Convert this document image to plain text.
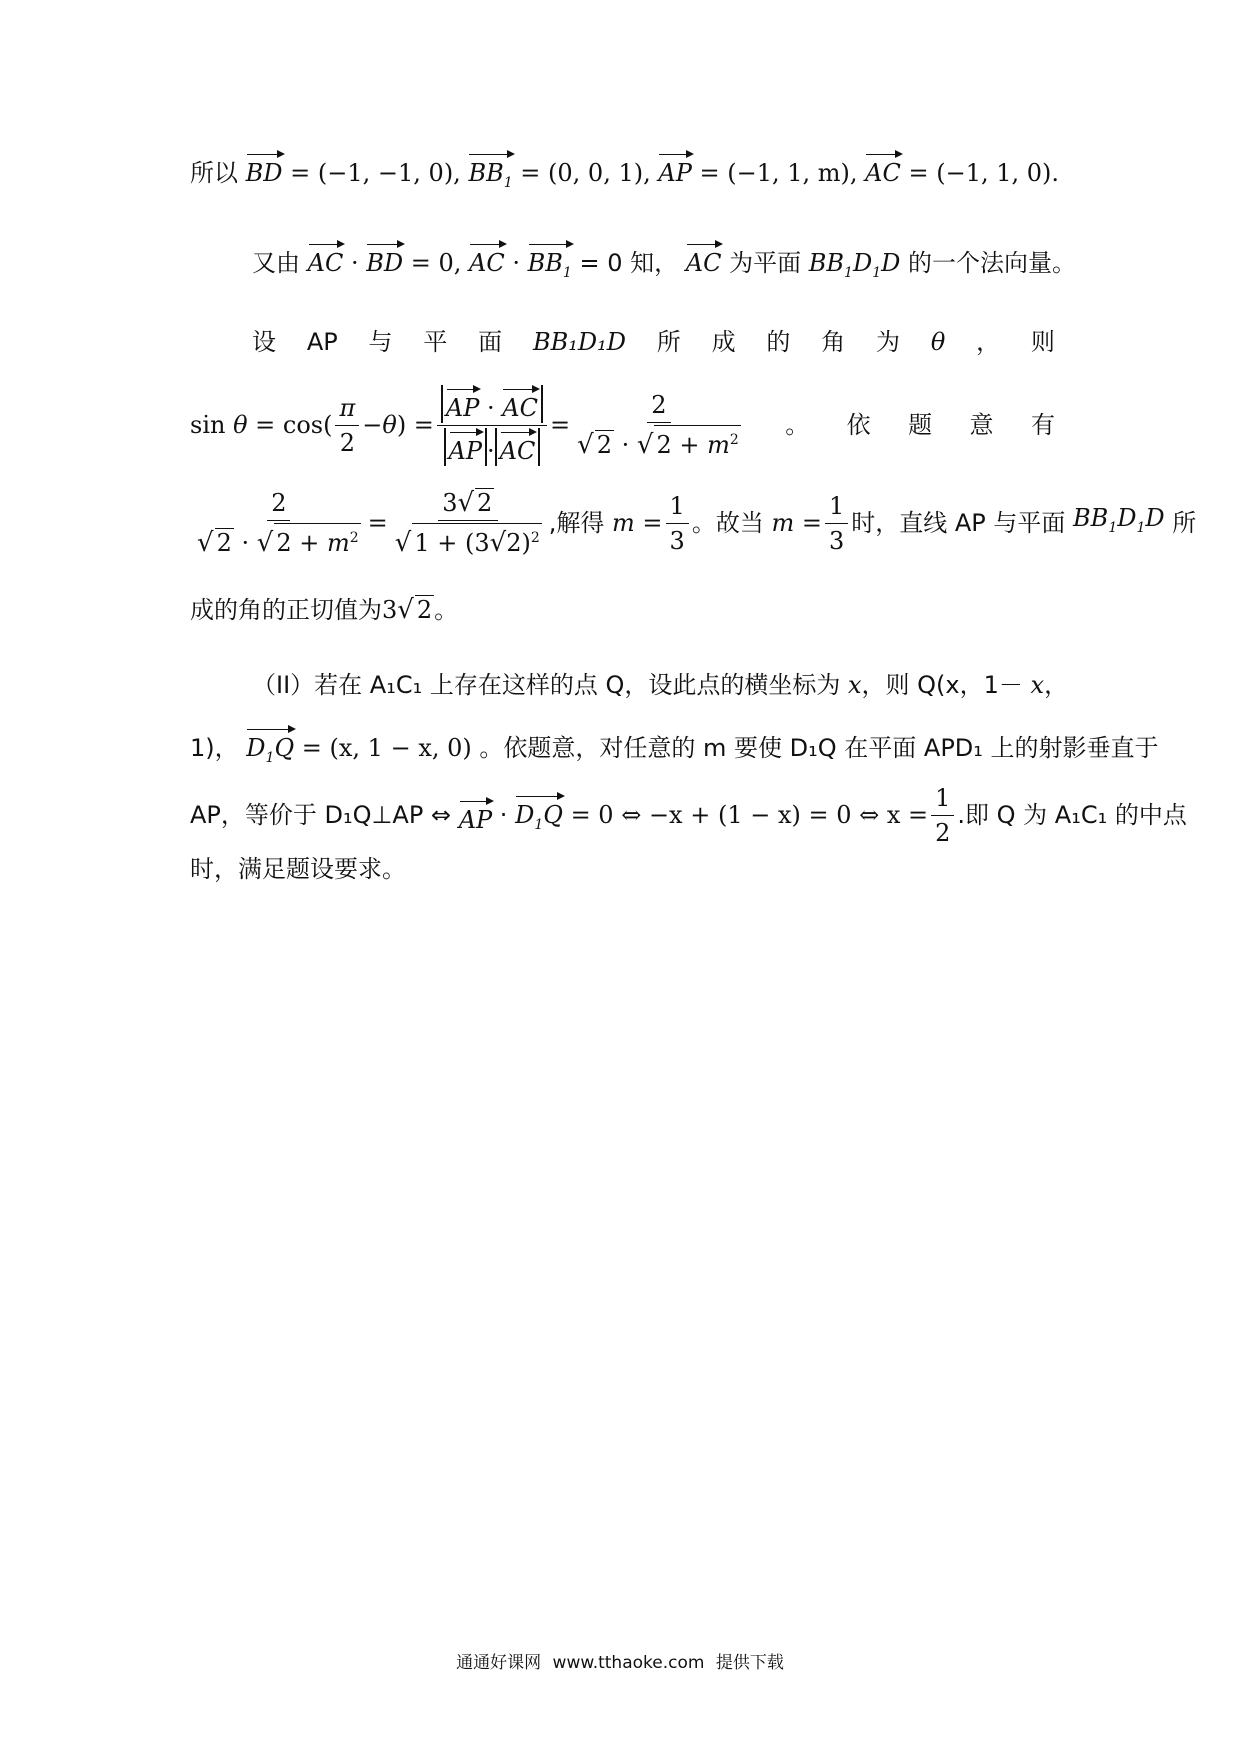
所以 BD = (−1, −1, 0), $BB_1 = (0$, 0, 1), AP = (−1, 1, m), AC = (−1, 1, 0).
又由 AC · BD = 0, AC · $BB_1 = 0$ 知， AC 为平面 $BB_1D_1D$ 的一个法向量。
设 AP 与 平 面 BB₁D₁D 所 成 的 角 为 θ ， 则
$\sin \theta = \cos( \frac{\pi}{2} - \theta$ ) = $\frac{AP \cdot AC}{AP \cdot AC} = \frac{2}{√ 2 \cdot √ 2 + m^2}$ 。 依 题 意 有
$\frac{2}{√ 2 \cdot √ 2 + m^2} = \frac{3√ 2}{√ 1 + (3√2)^2}$ ,解得 $m = \frac{1}{3}$ 。故当 $m = \frac{1}{3}$ 时，直线 AP 与平面 $BB_1D_1D$ 所
成的角的正切值为3√ 2。
（II）若在 A₁C₁ 上存在这样的点 Q，设此点的横坐标为 x ，则 Q(x，1－ x，
1)， $D_1Q = (x$, 1 − x, 0) 。依题意，对任意的 m 要使 D₁Q 在平面 APD₁ 上的射影垂直于
AP，等价于 D₁Q⊥AP ⇔
AP · $D_1Q$
= 0 ⇔ −x + (1 − x) = 0 ⇔ $x = \frac{1}{2}$ .即 Q 为 A₁C₁ 的中点
时，满足题设要求。
通通好课网 www.tthaoke.com 提供下载
